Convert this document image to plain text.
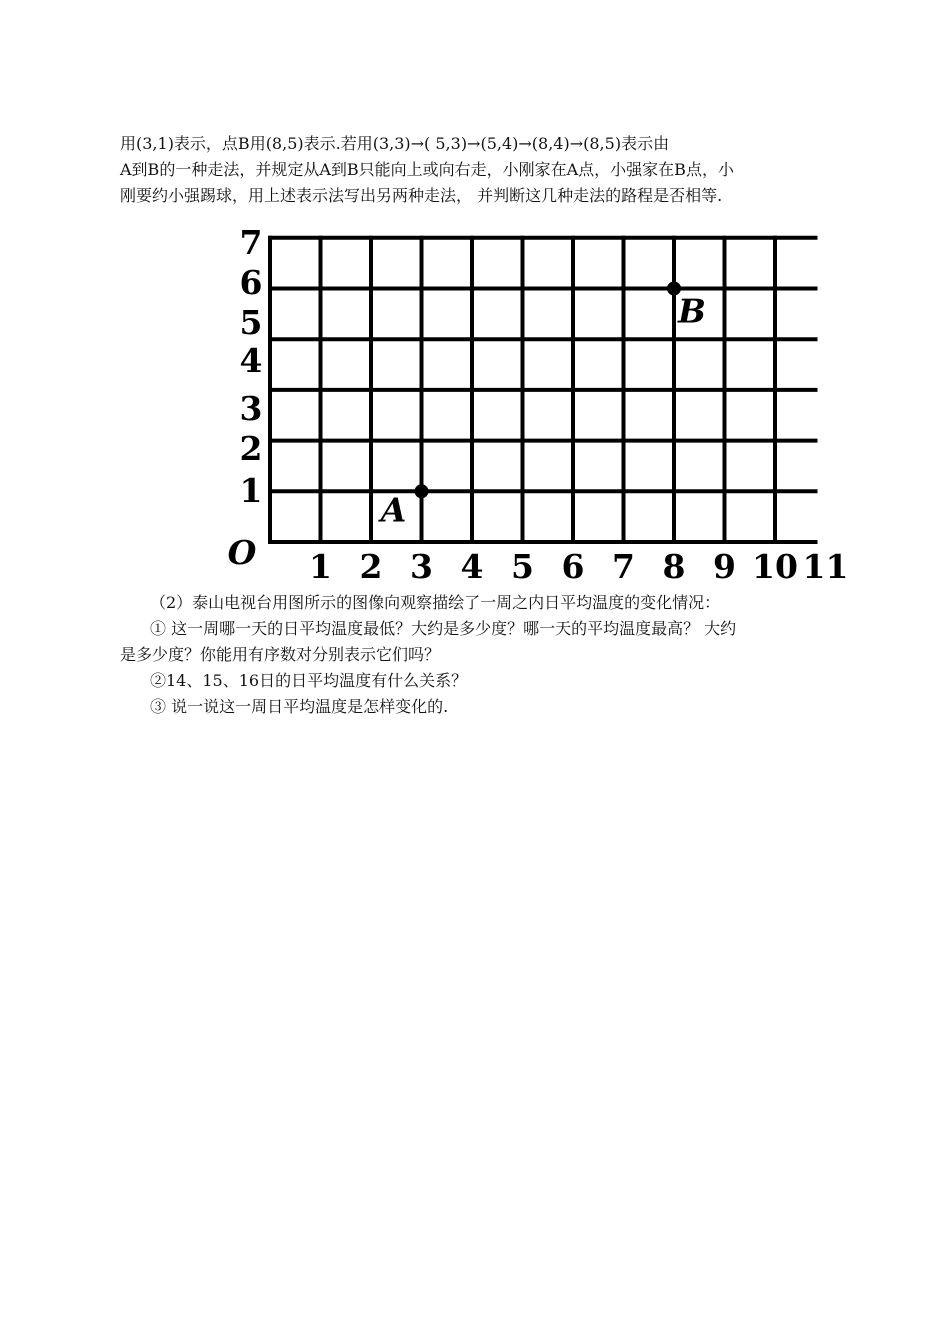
用(3,1)表示，点B用(8,5)表示.若用(3,3)→( 5,3)→(5,4)→(8,4)→(8,5)表示由
A到B的一种走法，并规定从A到B只能向上或向右走，小刚家在A点，小强家在B点，小
刚要约小强踢球，用上述表示法写出另两种走法， 并判断这几种走法的路程是否相等.
1 2 3 4 5 6 7 8 9 10 11
1
2
3
4
5
6
7
O
A
B
（2）泰山电视台用图所示的图像向观察描绘了一周之内日平均温度的变化情况：
① 这一周哪一天的日平均温度最低？大约是多少度？哪一天的平均温度最高？ 大约
是多少度？你能用有序数对分别表示它们吗？
②14、15、16日的日平均温度有什么关系？
③ 说一说这一周日平均温度是怎样变化的.
